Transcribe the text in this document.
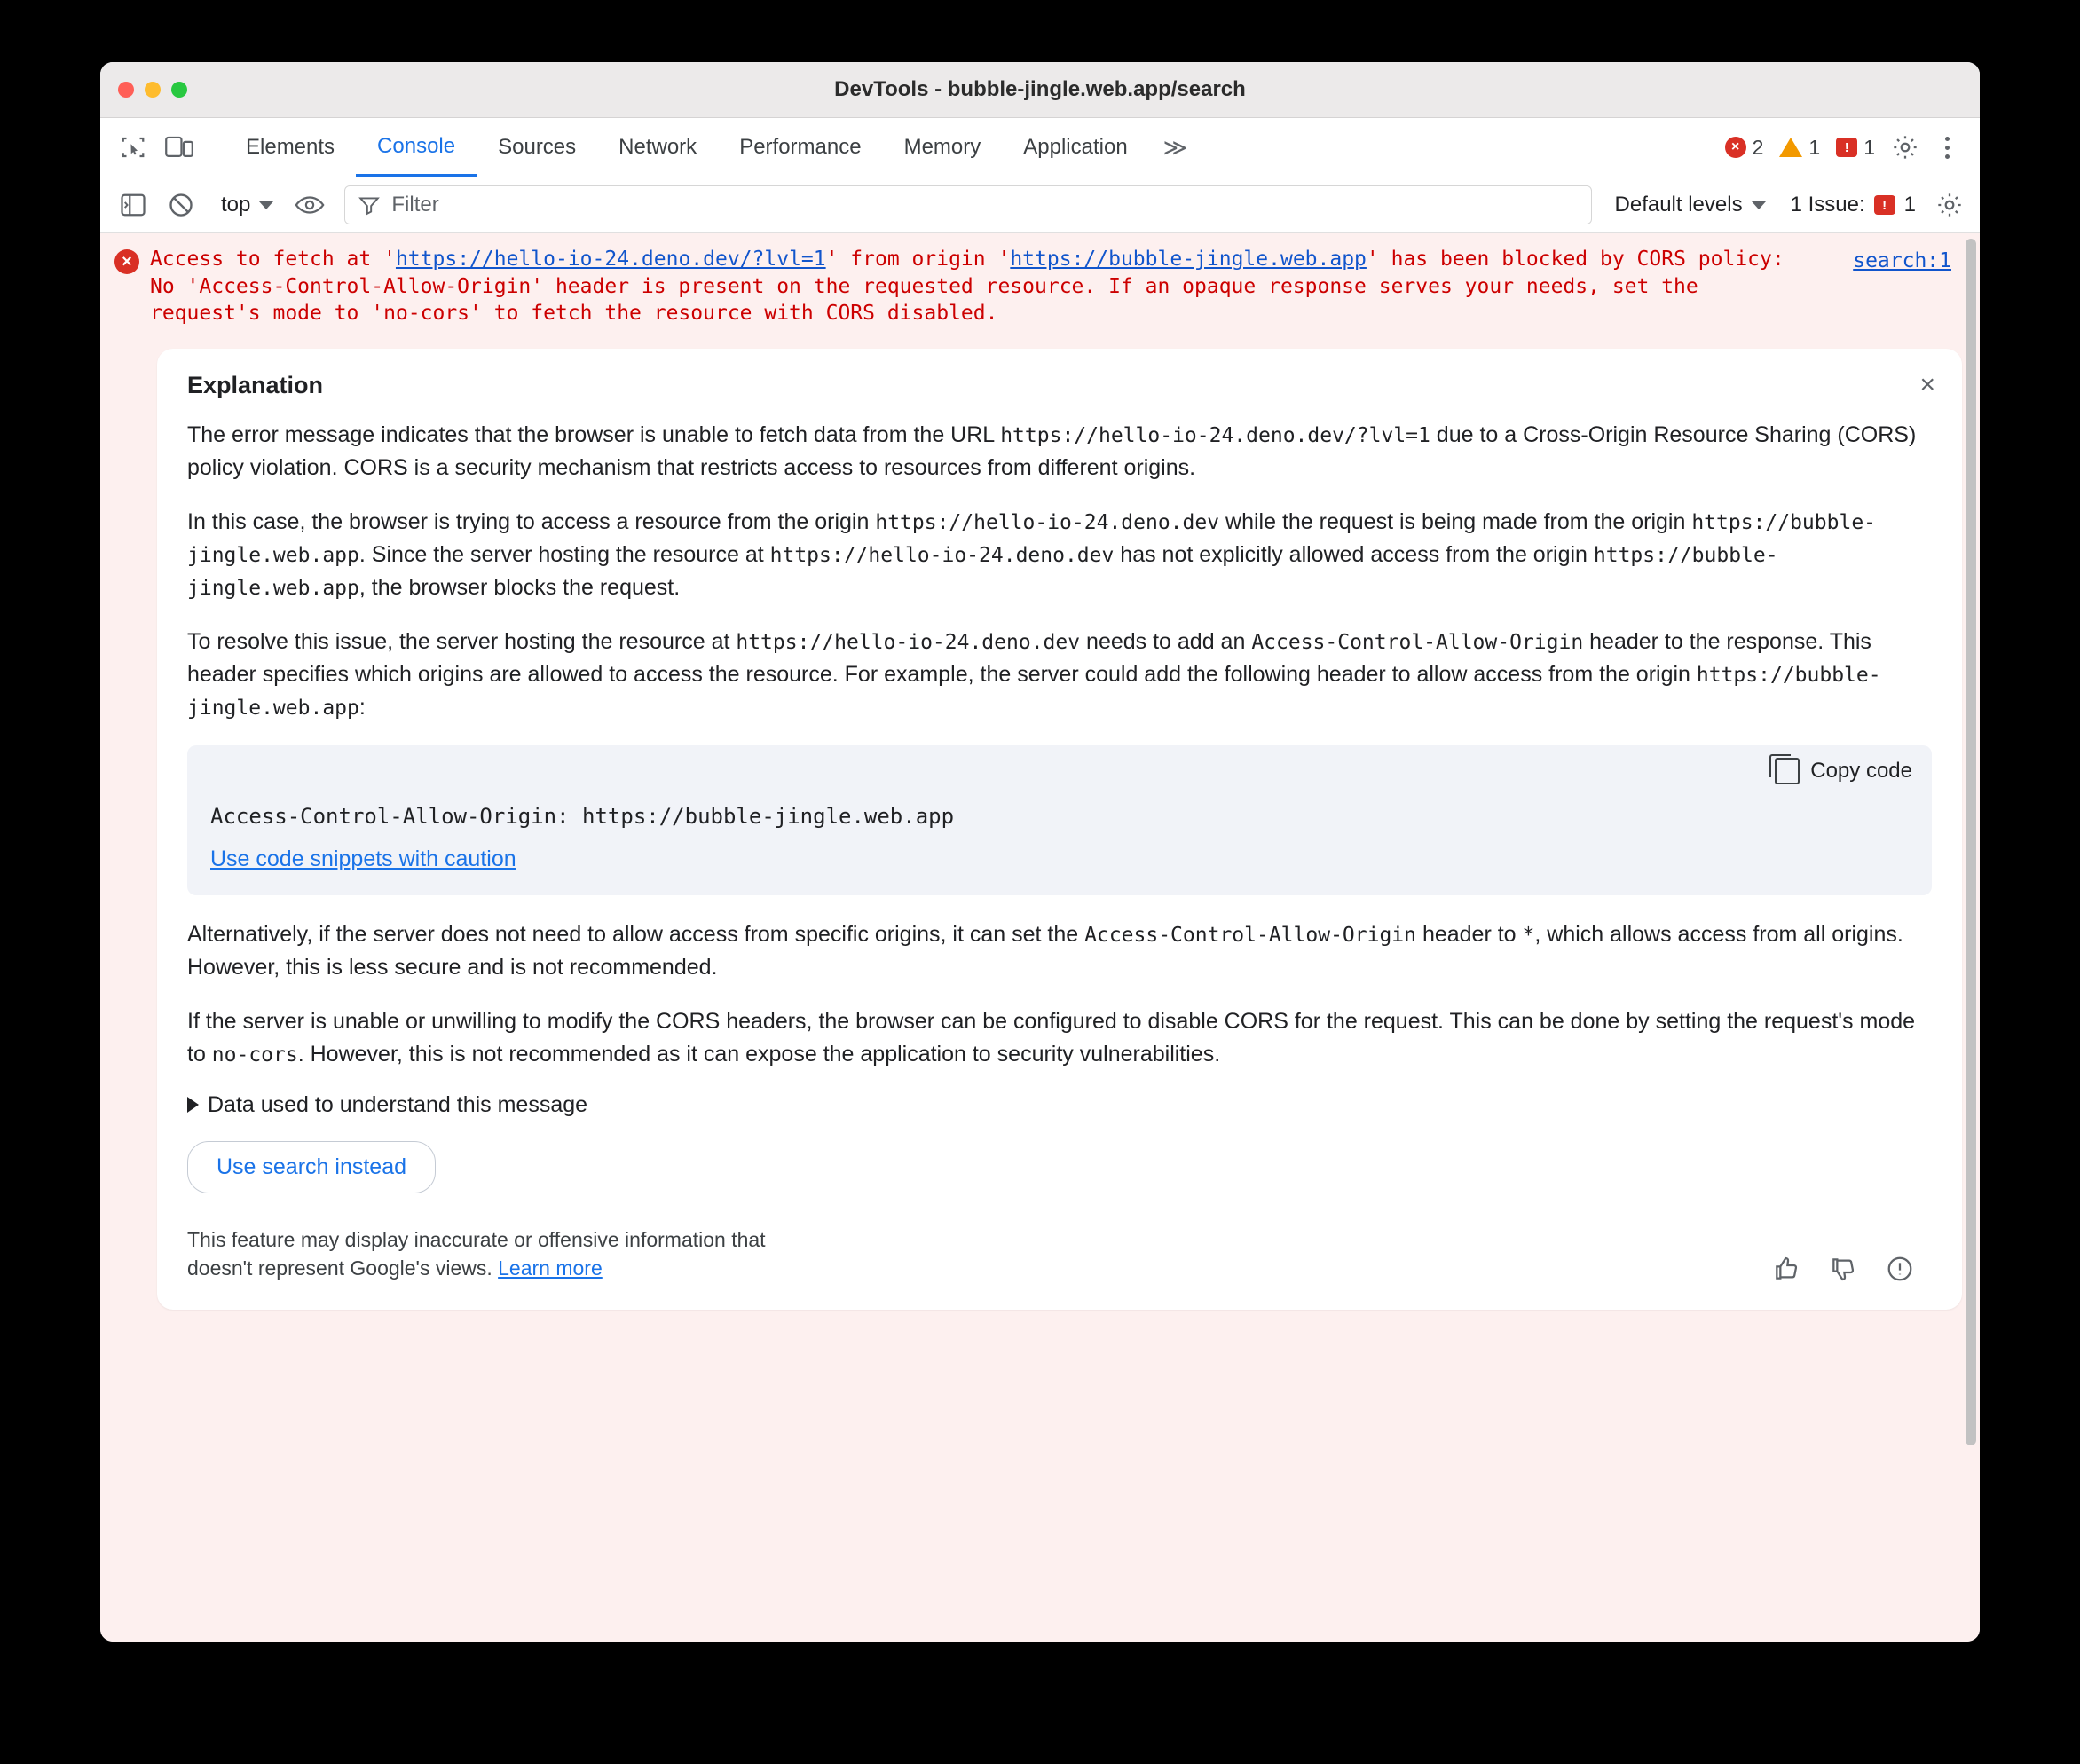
DevTools - bubble-jingle.web.app/search
Elements	Console	Sources	Network	Performance	Memory	Application	≫	× 2 1	! 1
top	Filter	Default levels 1 Issue:	! 1
× Access to fetch at 'https://hello-io-24.deno.dev/?lvl=1' from origin 'https://bubble-jingle.web.app' has been blocked by CORS policy: No 'Access-Control-Allow-Origin' header is present on the requested resource. If an opaque response serves your needs, set the request's mode to 'no-cors' to fetch the resource with CORS disabled.
search:1
Explanation	×

The error message indicates that the browser is unable to fetch data from the URL https://hello-io-24.deno.dev/?lvl=1 due to a Cross-Origin Resource Sharing (CORS) policy violation. CORS is a security mechanism that restricts access to resources from different origins.

In this case, the browser is trying to access a resource from the origin https://hello-io-24.deno.dev while the request is being made from the origin https://bubble-jingle.web.app. Since the server hosting the resource at https://hello-io-24.deno.dev has not explicitly allowed access from the origin https://bubble-jingle.web.app, the browser blocks the request.

To resolve this issue, the server hosting the resource at https://hello-io-24.deno.dev needs to add an Access-Control-Allow-Origin header to the response. This header specifies which origins are allowed to access the resource. For example, the server could add the following header to allow access from the origin https://bubble-jingle.web.app:

Copy code
Access-Control-Allow-Origin: https://bubble-jingle.web.app
Use code snippets with caution

Alternatively, if the server does not need to allow access from specific origins, it can set the Access-Control-Allow-Origin header to *, which allows access from all origins. However, this is less secure and is not recommended.

If the server is unable or unwilling to modify the CORS headers, the browser can be configured to disable CORS for the request. This can be done by setting the request's mode to no-cors. However, this is not recommended as it can expose the application to security vulnerabilities.

Data used to understand this message
Use search instead
This feature may display inaccurate or offensive information that
doesn't represent Google's views. Learn more
